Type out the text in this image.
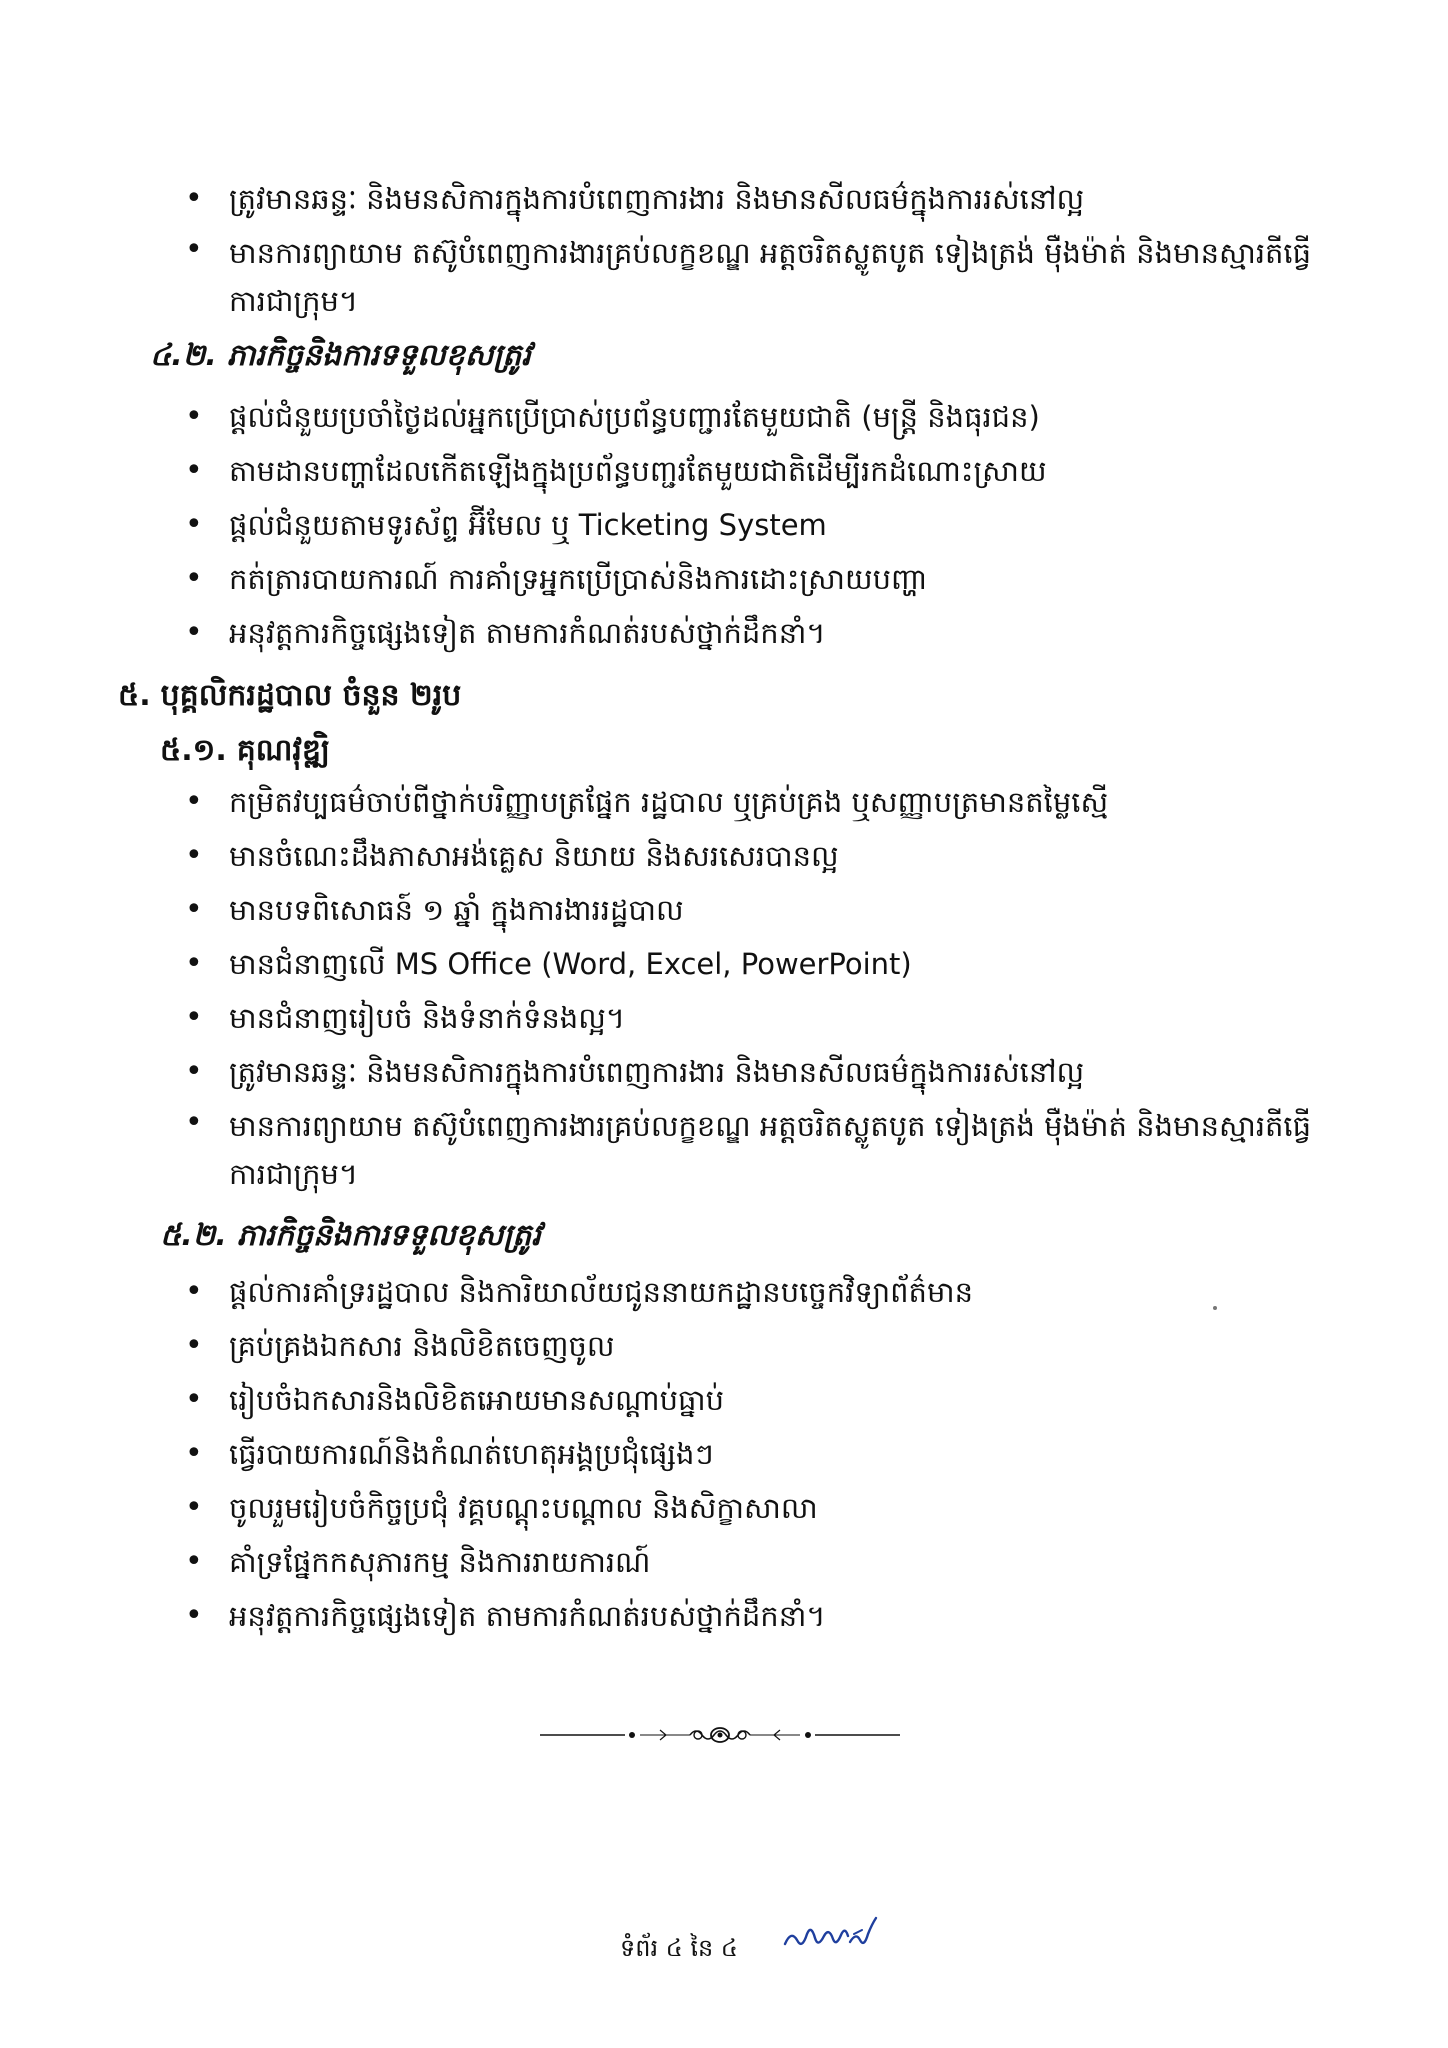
• ត្រូវមានឆន្ទៈ និងមនសិការក្នុងការបំពេញការងារ និងមានសីលធម៌ក្នុងការរស់នៅល្អ
• មានការព្យាយាម តស៊ូបំពេញការងារគ្រប់លក្ខខណ្ឌ អត្តចរិតស្លូតបូត ទៀងត្រង់ ម៉ឺងម៉ាត់ និងមានស្មារតីធ្វើការជាក្រុម។
៤.២. ភារកិច្ចនិងការទទួលខុសត្រូវ
• ផ្ដល់ជំនួយប្រចាំថ្ងៃដល់អ្នកប្រើប្រាស់ប្រព័ន្ធបញ្ជារតែមួយជាតិ (មន្ត្រី និងធុរជន)
• តាមដានបញ្ហាដែលកើតឡើងក្នុងប្រព័ន្ធបញ្ជរតែមួយជាតិដើម្បីរកដំណោះស្រាយ
• ផ្ដល់ជំនួយតាមទូរស័ព្ទ អ៊ីមែល ឬ Ticketing System
• កត់ត្រារបាយការណ៍ ការគាំទ្រអ្នកប្រើប្រាស់និងការដោះស្រាយបញ្ហា
• អនុវត្តការកិច្ចផ្សេងទៀត តាមការកំណត់របស់ថ្នាក់ដឹកនាំ។
៥. បុគ្គលិករដ្ឋបាល ចំនួន ២រូប
៥.១. គុណវុឌ្ឍិ
• កម្រិតវប្បធម៌ចាប់ពីថ្នាក់បរិញ្ញាបត្រផ្នែក រដ្ឋបាល ឬគ្រប់គ្រង ឬសញ្ញាបត្រមានតម្លៃស្មើ
• មានចំណេះដឹងភាសាអង់គ្លេស និយាយ និងសរសេរបានល្អ
• មានបទពិសោធន៍ ១ ឆ្នាំ ក្នុងការងាររដ្ឋបាល
• មានជំនាញលើ MS Office (Word, Excel, PowerPoint)
• មានជំនាញរៀបចំ និងទំនាក់ទំនងល្អ។
• ត្រូវមានឆន្ទៈ និងមនសិការក្នុងការបំពេញការងារ និងមានសីលធម៌ក្នុងការរស់នៅល្អ
• មានការព្យាយាម តស៊ូបំពេញការងារគ្រប់លក្ខខណ្ឌ អត្តចរិតស្លូតបូត ទៀងត្រង់ ម៉ឺងម៉ាត់ និងមានស្មារតីធ្វើការជាក្រុម។
៥.២. ភារកិច្ចនិងការទទួលខុសត្រូវ
• ផ្ដល់ការគាំទ្ររដ្ឋបាល និងការិយាល័យជូននាយកដ្ឋានបច្ចេកវិទ្យាព័ត៌មាន
• គ្រប់គ្រងឯកសារ និងលិខិតចេញចូល
• រៀបចំឯកសារនិងលិខិតអោយមានសណ្ដាប់ធ្នាប់
• ធ្វើរបាយការណ៍និងកំណត់ហេតុអង្គប្រជុំផ្សេងៗ
• ចូលរួមរៀបចំកិច្ចប្រជុំ វគ្គបណ្ដុះបណ្ដាល និងសិក្ខាសាលា
• គាំទ្រផ្នែកកសុភារកម្ម និងការរាយការណ៍
• អនុវត្តការកិច្ចផ្សេងទៀត តាមការកំណត់របស់ថ្នាក់ដឹកនាំ។
ទំព័រ ៤ នៃ ៤
